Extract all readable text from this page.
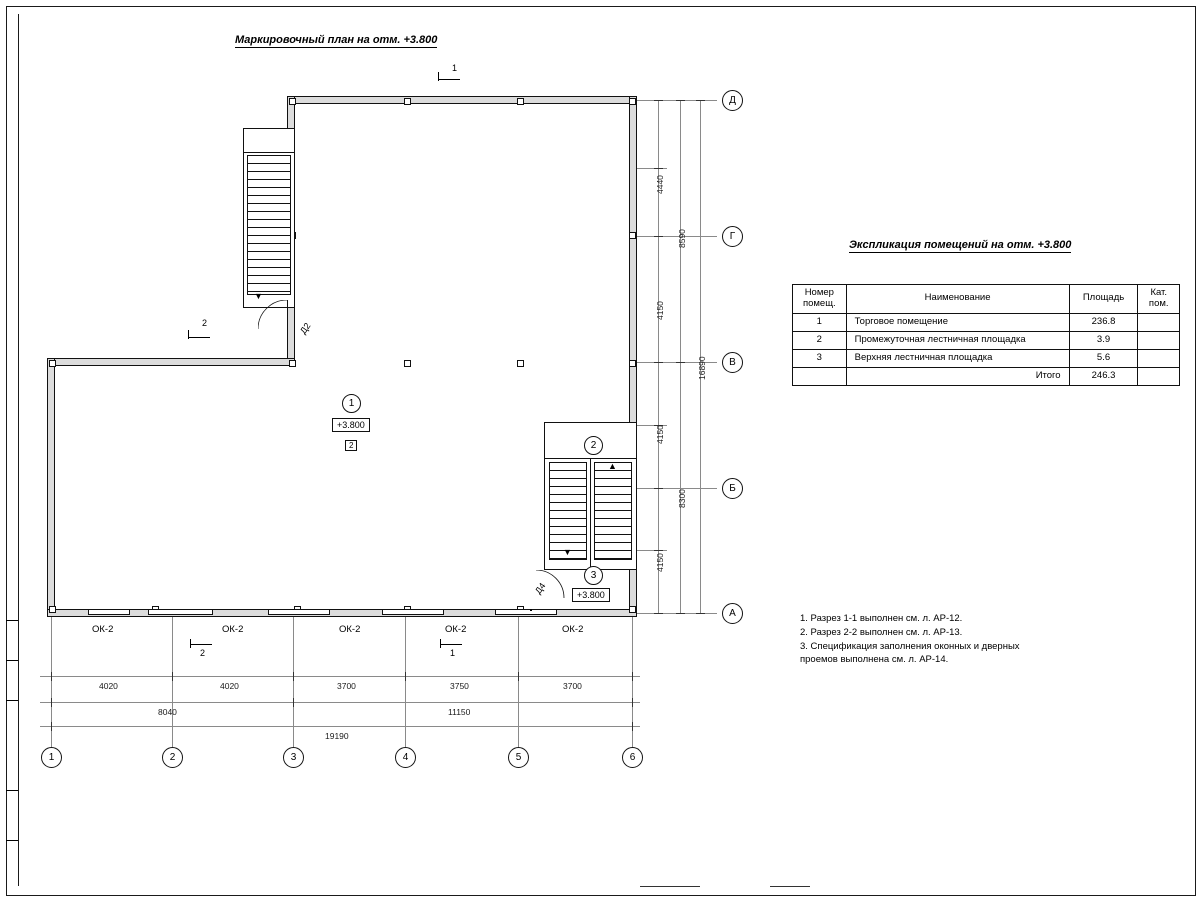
Маркировочный план на отм. +3.800
1
ОК-2	ОК-2	ОК-2	ОК-2	ОК-2
▼
Д2
▼
▲
Д4
1
+3.800
2	2
3
+3.800
2
2	1
4440
4150
4150
4150
8590
8300
16890
Д
Г
В
Б
А
4020	4020	3700	3750	3700
8040	11150
19190
1	2	3	4	5	6
Экспликация помещений на отм. +3.800
Номер
помещ.	Наименование	Площадь	Кат.
пом.
1	Торговое помещение	236.8	
2	Промежуточная лестничная площадка	3.9	
3	Верхняя лестничная площадка	5.6	
	Итого	246.3	
1. Разрез 1-1 выполнен см. л. АР-12.
2. Разрез 2-2 выполнен см. л. АР-13.
3. Спецификация заполнения оконных и дверных
проемов выполнена см. л. АР-14.
